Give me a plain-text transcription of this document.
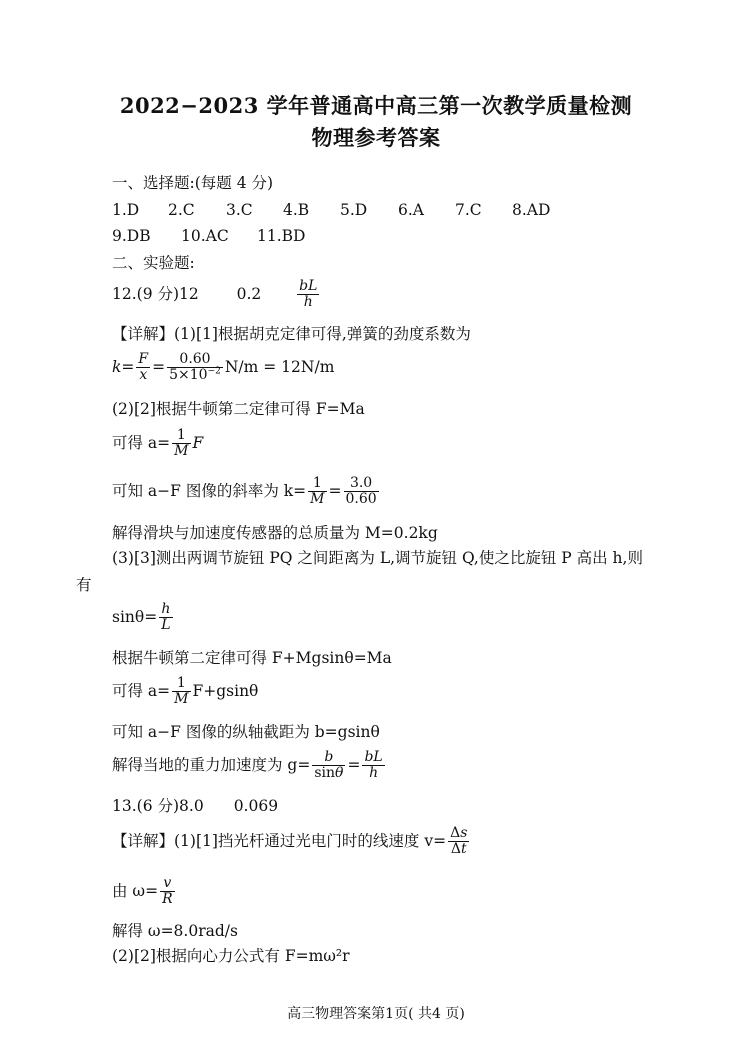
2022−2023 学年普通高中高三第一次教学质量检测
物理参考答案
一、选择题:(每题 4 分)
1.D 2.C 3.C 4.B 5.D 6.A 7.C 8.AD
9.DB 10.AC 11.BD
二、实验题:
12.(9 分)12 0.2	$\frac{bL}{h}$
【详解】(1)[1]根据胡克定律可得,弹簧的劲度系数为
$k= \frac{F}{x} = \frac{0.60}{5\times 10^{-2}} N/m = 12N/m$
(2)[2]根据牛顿第二定律可得 F=Ma
可得 $a= \frac{1}{M}$ F
可知 a−F 图像的斜率为 $k= \frac{1}{M} = \frac{3.0}{0.60}$
解得滑块与加速度传感器的总质量为 M=0.2kg
(3)[3]测出两调节旋钮 PQ 之间距离为 L,调节旋钮 Q,使之比旋钮 P 高出 h,则
有
$\sin\theta= \frac{h}{L}$
根据牛顿第二定律可得 F+Mgsinθ=Ma
可得 $a= \frac{1}{M} F+gsin\theta$
可知 a−F 图像的纵轴截距为 b=gsinθ
解得当地的重力加速度为 $g= \frac{b}{\sin\theta} = \frac{bL}{h}$
13.(6 分)8.0 0.069
【详解】(1)[1]挡光杆通过光电门时的线速度 $v= \frac{\Delta s}{\Delta t}$
由 $\omega= \frac{v}{R}$
解得 ω=8.0rad/s
(2)[2]根据向心力公式有 F=mω²r
高三物理答案第1页( 共4 页)
